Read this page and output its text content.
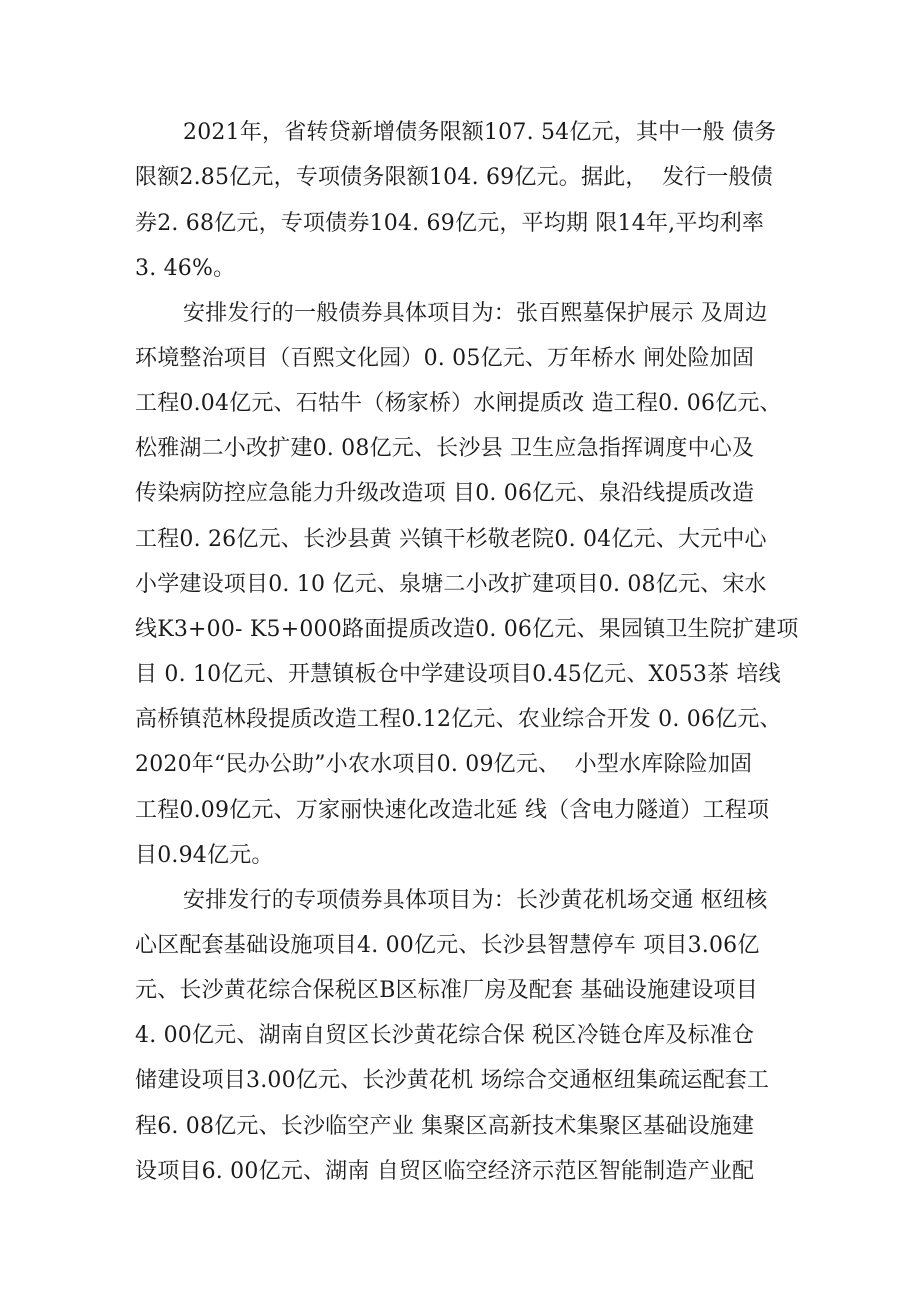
2021年，省转贷新增债务限额107. 54亿元，其中一般 债务
限额2.85亿元，专项债务限额104. 69亿元。据此，  发行一般债
券2. 68亿元，专项债券104. 69亿元，平均期 限14年,平均利率
3. 46%。
安排发行的一般债券具体项目为：张百熙墓保护展示 及周边
环境整治项目（百熙文化园）0. 05亿元、万年桥水 闸处险加固
工程0.04亿元、石牯牛（杨家桥）水闸提质改 造工程0. 06亿元、
松雅湖二小改扩建0. 08亿元、长沙县 卫生应急指挥调度中心及
传染病防控应急能力升级改造项 目0. 06亿元、泉沿线提质改造
工程0. 26亿元、长沙县黄 兴镇干杉敬老院0. 04亿元、大元中心
小学建设项目0. 10 亿元、泉塘二小改扩建项目0. 08亿元、宋水
线K3+00- K5+000路面提质改造0. 06亿元、果园镇卫生院扩建项
目 0. 10亿元、开慧镇板仓中学建设项目0.45亿元、X053茶 培线
高桥镇范林段提质改造工程0.12亿元、农业综合开发 0. 06亿元、
2020年“民办公助”小农水项目0. 09亿元、  小型水库除险加固
工程0.09亿元、万家丽快速化改造北延 线（含电力隧道）工程项
目0.94亿元。
安排发行的专项债券具体项目为：长沙黄花机场交通 枢纽核
心区配套基础设施项目4. 00亿元、长沙县智慧停车 项目3.06亿
元、长沙黄花综合保税区B区标准厂房及配套 基础设施建设项目
4. 00亿元、湖南自贸区长沙黄花综合保 税区冷链仓库及标准仓
储建设项目3.00亿元、长沙黄花机 场综合交通枢纽集疏运配套工
程6. 08亿元、长沙临空产业 集聚区高新技术集聚区基础设施建
设项目6. 00亿元、湖南 自贸区临空经济示范区智能制造产业配
